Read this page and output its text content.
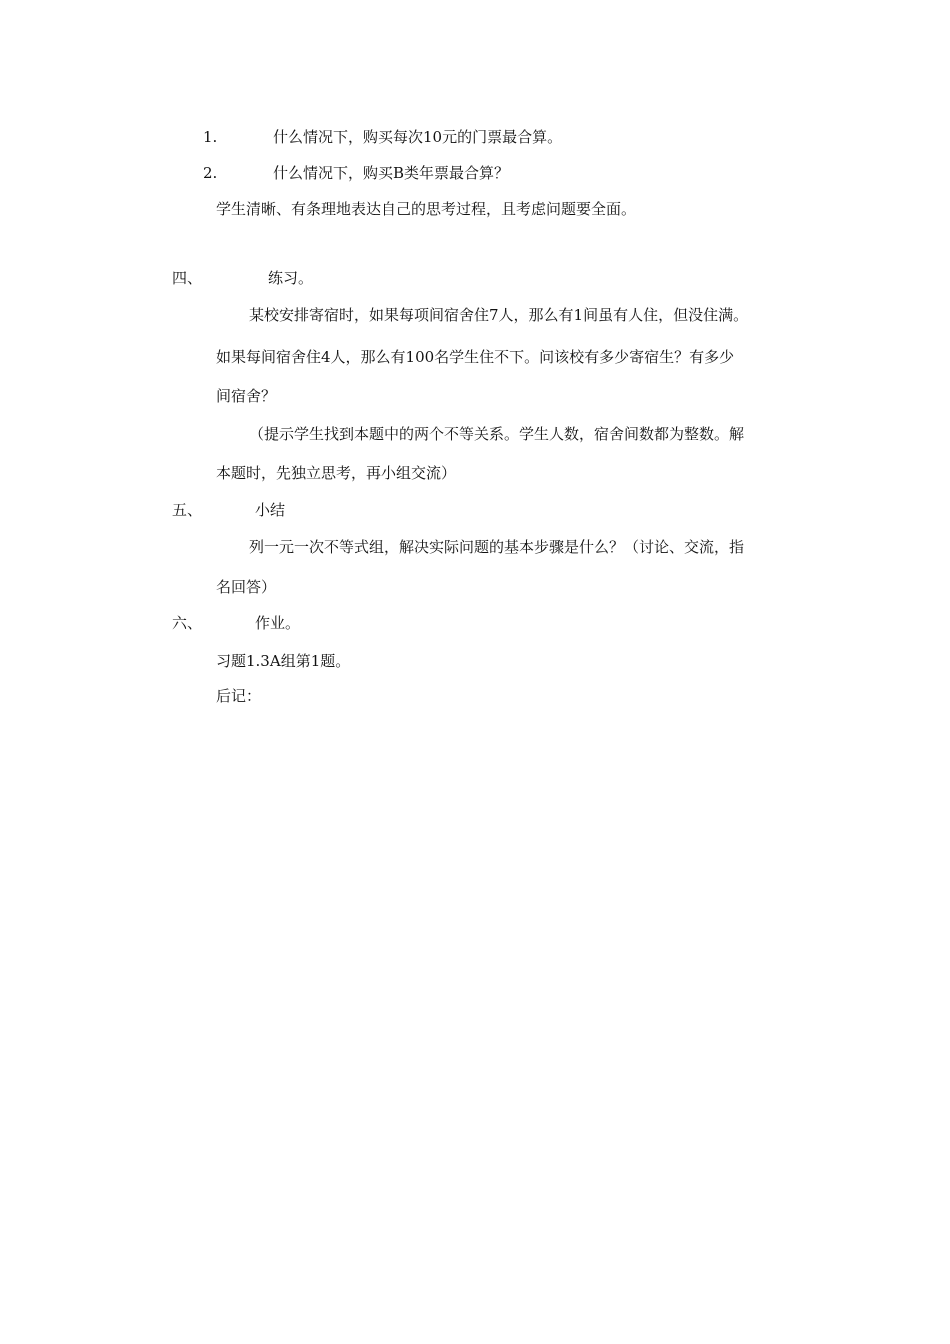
1.	什么情况下，购买每次10元的门票最合算。
2.	什么情况下，购买B类年票最合算？
学生清晰、有条理地表达自己的思考过程，且考虑问题要全面。
四、	练习。
某校安排寄宿时，如果每项间宿舍住7人，那么有1间虽有人住，但没住满。
如果每间宿舍住4人，那么有100名学生住不下。问该校有多少寄宿生？有多少
间宿舍？
（提示学生找到本题中的两个不等关系。学生人数，宿舍间数都为整数。解
本题时，先独立思考，再小组交流）
五、	小结
列一元一次不等式组，解决实际问题的基本步骤是什么？（讨论、交流，指
名回答）
六、	作业。
习题1.3A组第1题。
后记：
